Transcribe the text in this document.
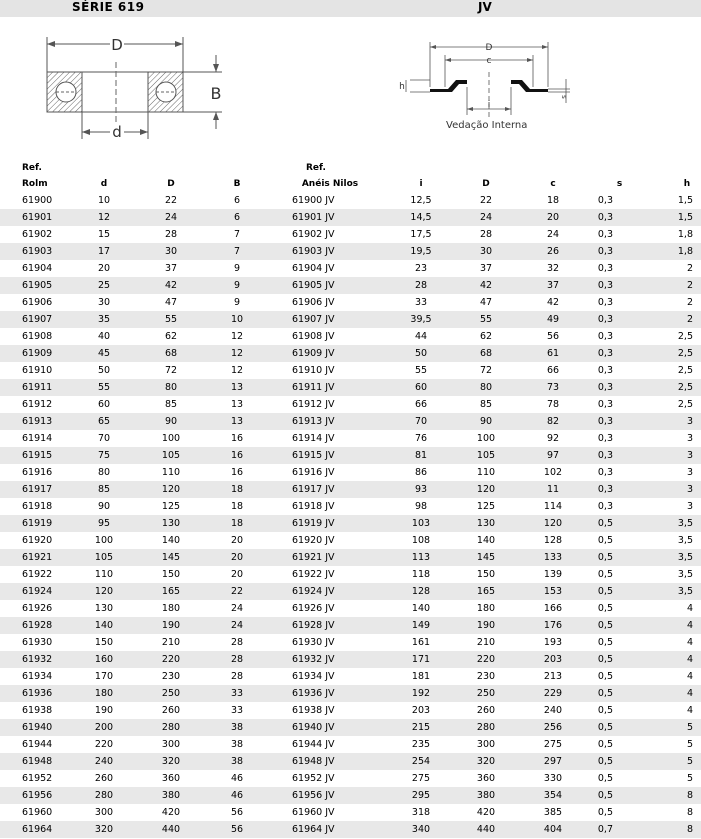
SÉRIE 619	JV
D
d
B
D
c
h
s
i
Vedação Interna
Ref.				Ref.					
Rolm	d	D	B	Anéis Nilos	i	D	c	s	h
61900	10	22	6	61900 JV	12,5	22	18	0,3	1,5
61901	12	24	6	61901 JV	14,5	24	20	0,3	1,5
61902	15	28	7	61902 JV	17,5	28	24	0,3	1,8
61903	17	30	7	61903 JV	19,5	30	26	0,3	1,8
61904	20	37	9	61904 JV	23	37	32	0,3	2
61905	25	42	9	61905 JV	28	42	37	0,3	2
61906	30	47	9	61906 JV	33	47	42	0,3	2
61907	35	55	10	61907 JV	39,5	55	49	0,3	2
61908	40	62	12	61908 JV	44	62	56	0,3	2,5
61909	45	68	12	61909 JV	50	68	61	0,3	2,5
61910	50	72	12	61910 JV	55	72	66	0,3	2,5
61911	55	80	13	61911 JV	60	80	73	0,3	2,5
61912	60	85	13	61912 JV	66	85	78	0,3	2,5
61913	65	90	13	61913 JV	70	90	82	0,3	3
61914	70	100	16	61914 JV	76	100	92	0,3	3
61915	75	105	16	61915 JV	81	105	97	0,3	3
61916	80	110	16	61916 JV	86	110	102	0,3	3
61917	85	120	18	61917 JV	93	120	11	0,3	3
61918	90	125	18	61918 JV	98	125	114	0,3	3
61919	95	130	18	61919 JV	103	130	120	0,5	3,5
61920	100	140	20	61920 JV	108	140	128	0,5	3,5
61921	105	145	20	61921 JV	113	145	133	0,5	3,5
61922	110	150	20	61922 JV	118	150	139	0,5	3,5
61924	120	165	22	61924 JV	128	165	153	0,5	3,5
61926	130	180	24	61926 JV	140	180	166	0,5	4
61928	140	190	24	61928 JV	149	190	176	0,5	4
61930	150	210	28	61930 JV	161	210	193	0,5	4
61932	160	220	28	61932 JV	171	220	203	0,5	4
61934	170	230	28	61934 JV	181	230	213	0,5	4
61936	180	250	33	61936 JV	192	250	229	0,5	4
61938	190	260	33	61938 JV	203	260	240	0,5	4
61940	200	280	38	61940 JV	215	280	256	0,5	5
61944	220	300	38	61944 JV	235	300	275	0,5	5
61948	240	320	38	61948 JV	254	320	297	0,5	5
61952	260	360	46	61952 JV	275	360	330	0,5	5
61956	280	380	46	61956 JV	295	380	354	0,5	8
61960	300	420	56	61960 JV	318	420	385	0,5	8
61964	320	440	56	61964 JV	340	440	404	0,7	8
